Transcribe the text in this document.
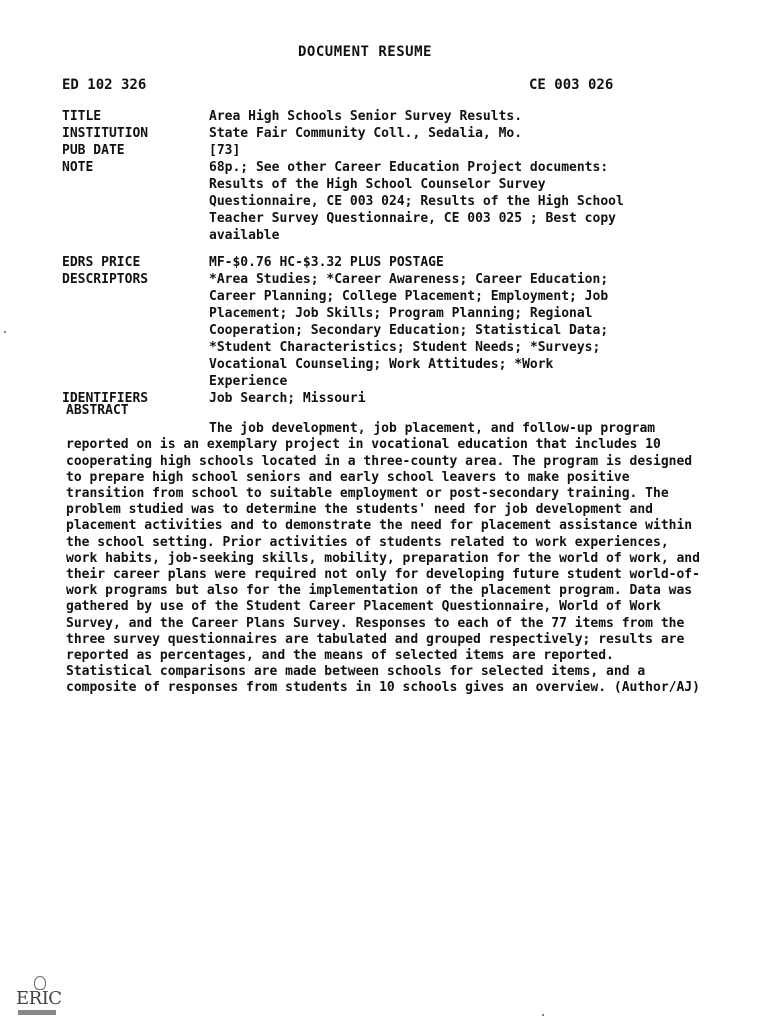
DOCUMENT RESUME
ED 102 326	CE 003 026
TITLE	Area High Schools Senior Survey Results.
INSTITUTION	State Fair Community Coll., Sedalia, Mo.
PUB DATE	[73]
NOTE	68p.; See other Career Education Project documents:
Results of the High School Counselor Survey
Questionnaire, CE 003 024; Results of the High School
Teacher Survey Questionnaire, CE 003 025 ; Best copy
available
EDRS PRICE	MF-$0.76 HC-$3.32 PLUS POSTAGE
DESCRIPTORS	*Area Studies; *Career Awareness; Career Education;
Career Planning; College Placement; Employment; Job
Placement; Job Skills; Program Planning; Regional
Cooperation; Secondary Education; Statistical Data;
*Student Characteristics; Student Needs; *Surveys;
Vocational Counseling; Work Attitudes; *Work
Experience
IDENTIFIERS	Job Search; Missouri

ABSTRACT

The job development, job placement, and follow-up program reported on is an exemplary project in vocational education that includes 10 cooperating high schools located in a three-county area. The program is designed to prepare high school seniors and early school leavers to make positive transition from school to suitable employment or post-secondary training. The problem studied was to determine the students' need for job development and placement activities and to demonstrate the need for placement assistance within the school setting. Prior activities of students related to work experiences, work habits, job-seeking skills, mobility, preparation for the world of work, and their career plans were required not only for developing future student world-of-work programs but also for the implementation of the placement program. Data was gathered by use of the Student Career Placement Questionnaire, World of Work Survey, and the Career Plans Survey. Responses to each of the 77 items from the three survey questionnaires are tabulated and grouped respectively; results are reported as percentages, and the means of selected items are reported. Statistical comparisons are made between schools for selected items, and a composite of responses from students in 10 schools gives an overview. (Author/AJ)

ERIC
